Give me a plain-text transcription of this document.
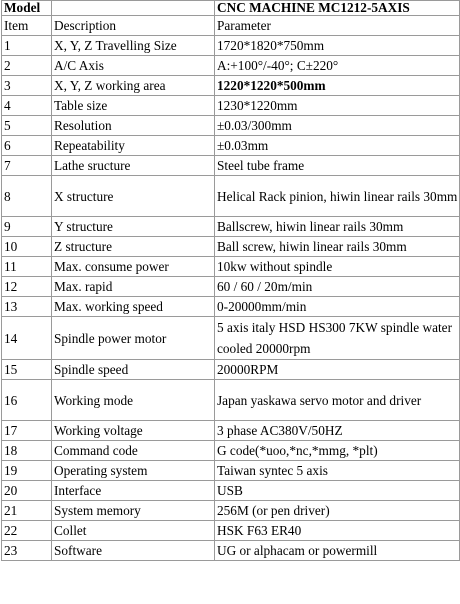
Model		CNC MACHINE MC1212-5AXIS
Item	Description	Parameter
1	X, Y, Z Travelling Size	1720*1820*750mm
2	A/C Axis	A:+100°/-40°; C±220°
3	X, Y, Z working area	1220*1220*500mm
4	Table size	1230*1220mm
5	Resolution	±0.03/300mm
6	Repeatability	±0.03mm
7	Lathe sructure	Steel tube frame
8	X structure	Helical Rack pinion, hiwin linear rails 30mm
9	Y structure	Ballscrew, hiwin linear rails 30mm
10	Z structure	Ball screw, hiwin linear rails 30mm
11	Max. consume power	10kw without spindle
12	Max. rapid	60 / 60 / 20m/min
13	Max. working speed	0-20000mm/min
14	Spindle power motor	5 axis italy HSD HS300 7KW spindle water cooled 20000rpm
15	Spindle speed	20000RPM
16	Working mode	Japan yaskawa servo motor and driver
17	Working voltage	3 phase AC380V/50HZ
18	Command code	G code(*uoo,*nc,*mmg, *plt)
19	Operating system	Taiwan syntec 5 axis
20	Interface	USB
21	System memory	256M (or pen driver)
22	Collet	HSK F63 ER40
23	Software	UG or alphacam or powermill
